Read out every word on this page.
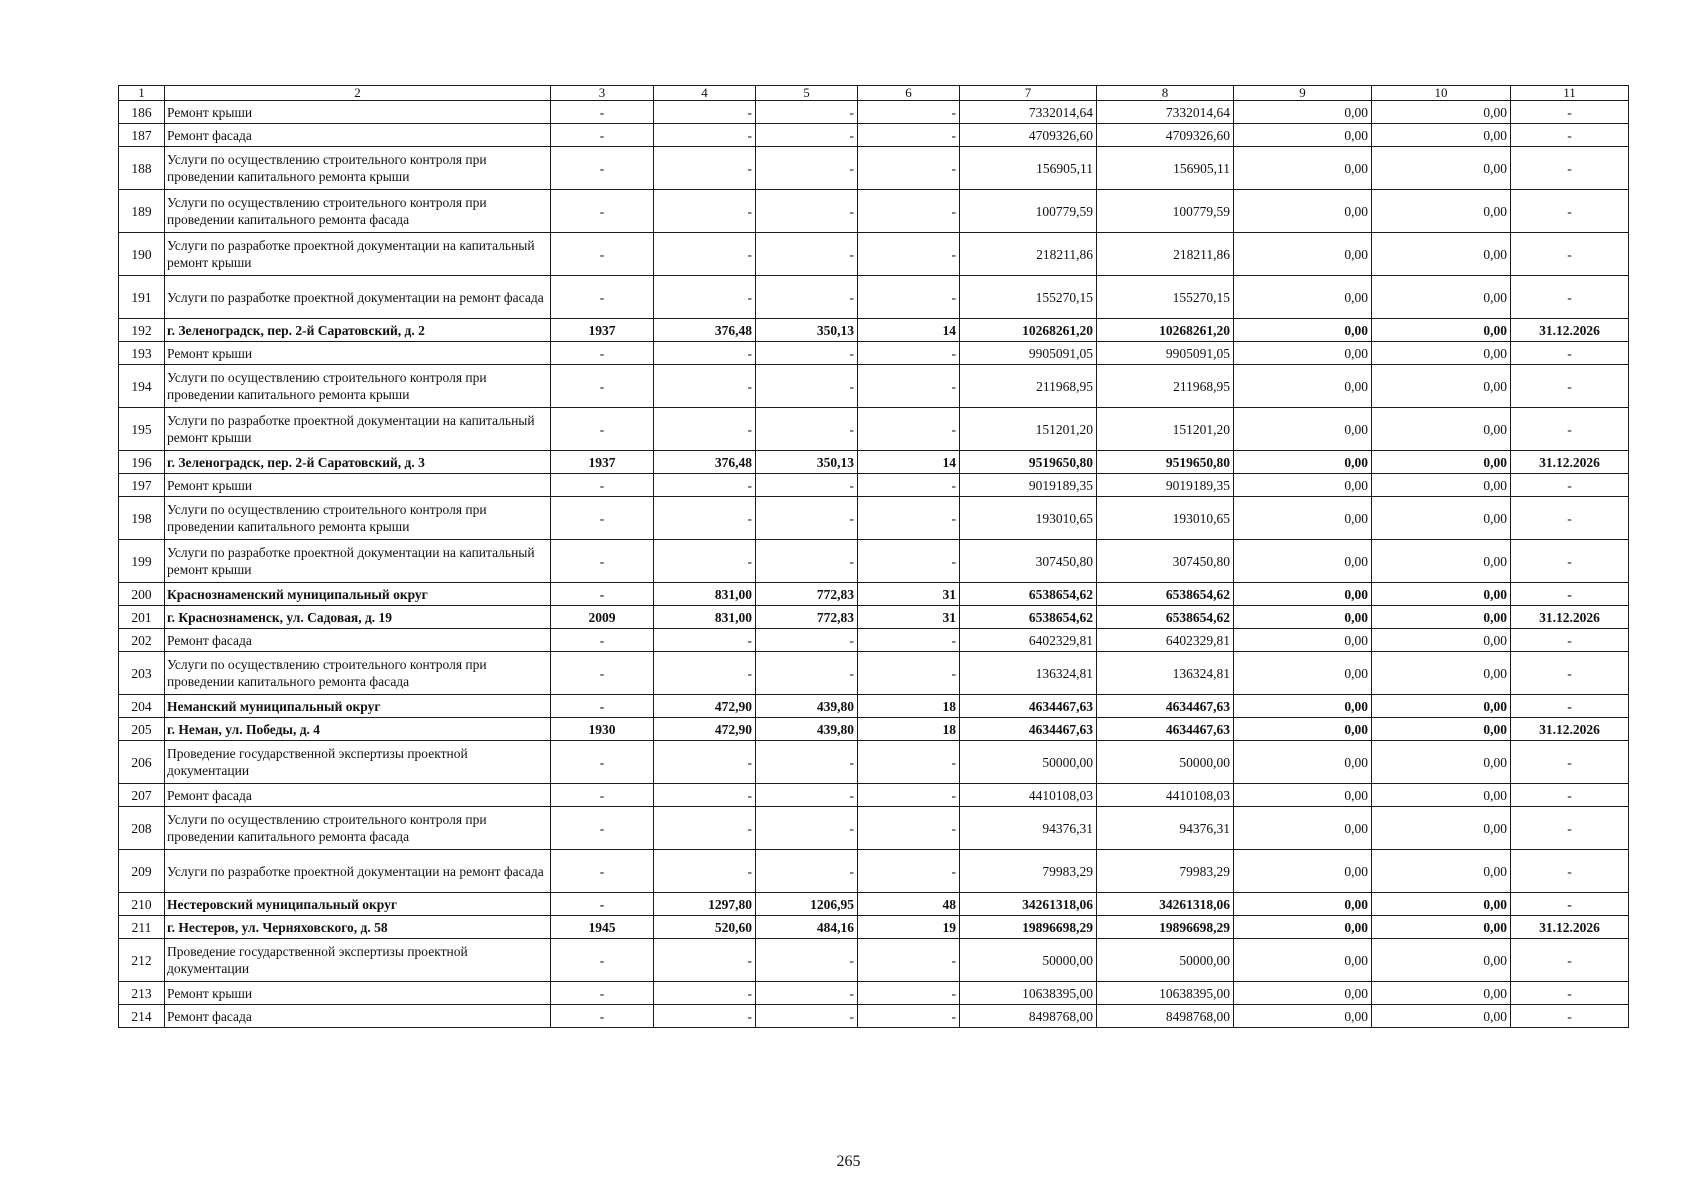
1	2	3	4	5	6	7	8	9	10	11
186	Ремонт крыши	-	-	-	-	7332014,64	7332014,64	0,00	0,00	-
187	Ремонт фасада	-	-	-	-	4709326,60	4709326,60	0,00	0,00	-
188	Услуги по осуществлению строительного контроля при проведении капитального ремонта крыши	-	-	-	-	156905,11	156905,11	0,00	0,00	-
189	Услуги по осуществлению строительного контроля при проведении капитального ремонта фасада	-	-	-	-	100779,59	100779,59	0,00	0,00	-
190	Услуги по разработке проектной документации на капитальный ремонт крыши	-	-	-	-	218211,86	218211,86	0,00	0,00	-
191	Услуги по разработке проектной документации на ремонт фасада	-	-	-	-	155270,15	155270,15	0,00	0,00	-
192	г. Зеленоградск, пер. 2-й Саратовский, д. 2	1937	376,48	350,13	14	10268261,20	10268261,20	0,00	0,00	31.12.2026
193	Ремонт крыши	-	-	-	-	9905091,05	9905091,05	0,00	0,00	-
194	Услуги по осуществлению строительного контроля при проведении капитального ремонта крыши	-	-	-	-	211968,95	211968,95	0,00	0,00	-
195	Услуги по разработке проектной документации на капитальный ремонт крыши	-	-	-	-	151201,20	151201,20	0,00	0,00	-
196	г. Зеленоградск, пер. 2-й Саратовский, д. 3	1937	376,48	350,13	14	9519650,80	9519650,80	0,00	0,00	31.12.2026
197	Ремонт крыши	-	-	-	-	9019189,35	9019189,35	0,00	0,00	-
198	Услуги по осуществлению строительного контроля при проведении капитального ремонта крыши	-	-	-	-	193010,65	193010,65	0,00	0,00	-
199	Услуги по разработке проектной документации на капитальный ремонт крыши	-	-	-	-	307450,80	307450,80	0,00	0,00	-
200	Краснознаменский муниципальный округ	-	831,00	772,83	31	6538654,62	6538654,62	0,00	0,00	-
201	г. Краснознаменск, ул. Садовая, д. 19	2009	831,00	772,83	31	6538654,62	6538654,62	0,00	0,00	31.12.2026
202	Ремонт фасада	-	-	-	-	6402329,81	6402329,81	0,00	0,00	-
203	Услуги по осуществлению строительного контроля при проведении капитального ремонта фасада	-	-	-	-	136324,81	136324,81	0,00	0,00	-
204	Неманский муниципальный округ	-	472,90	439,80	18	4634467,63	4634467,63	0,00	0,00	-
205	г. Неман, ул. Победы, д. 4	1930	472,90	439,80	18	4634467,63	4634467,63	0,00	0,00	31.12.2026
206	Проведение государственной экспертизы проектной документации	-	-	-	-	50000,00	50000,00	0,00	0,00	-
207	Ремонт фасада	-	-	-	-	4410108,03	4410108,03	0,00	0,00	-
208	Услуги по осуществлению строительного контроля при проведении капитального ремонта фасада	-	-	-	-	94376,31	94376,31	0,00	0,00	-
209	Услуги по разработке проектной документации на ремонт фасада	-	-	-	-	79983,29	79983,29	0,00	0,00	-
210	Нестеровский муниципальный округ	-	1297,80	1206,95	48	34261318,06	34261318,06	0,00	0,00	-
211	г. Нестеров, ул. Черняховского, д. 58	1945	520,60	484,16	19	19896698,29	19896698,29	0,00	0,00	31.12.2026
212	Проведение государственной экспертизы проектной документации	-	-	-	-	50000,00	50000,00	0,00	0,00	-
213	Ремонт крыши	-	-	-	-	10638395,00	10638395,00	0,00	0,00	-
214	Ремонт фасада	-	-	-	-	8498768,00	8498768,00	0,00	0,00	-
265
